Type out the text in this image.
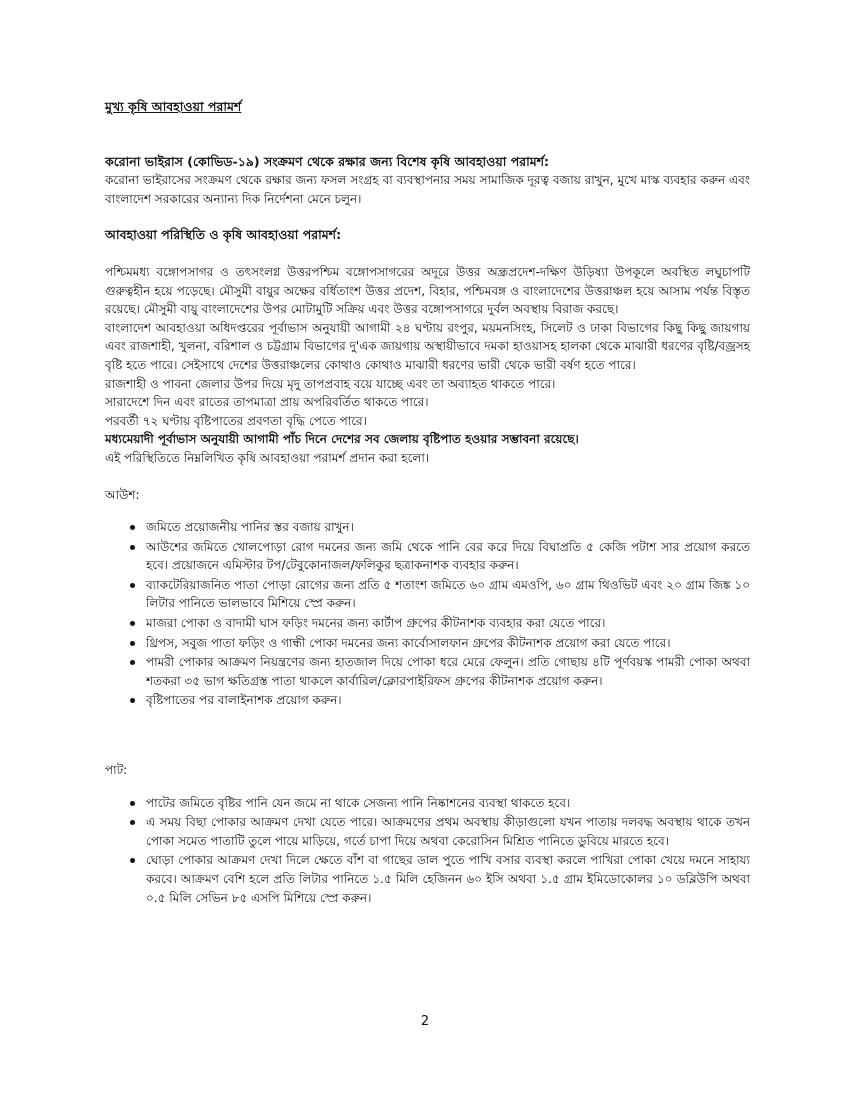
মুখ্য কৃষি আবহাওয়া পরামর্শ

করোনা ভাইরাস (কোভিড-১৯) সংক্রমণ থেকে রক্ষার জন্য বিশেষ কৃষি আবহাওয়া পরামর্শ:

করোনা ভাইরাসের সংক্রমণ থেকে রক্ষার জন্য ফসল সংগ্রহ বা ব্যবস্থাপনার সময় সামাজিক দূরত্ব বজায় রাখুন, মুখে মাস্ক ব্যবহার করুন এবং বাংলাদেশ সরকারের অন্যান্য দিক নির্দেশনা মেনে চলুন।

আবহাওয়া পরিস্থিতি ও কৃষি আবহাওয়া পরামর্শ:

পশ্চিমমধ্য বঙ্গোপসাগর ও তৎসংলগ্ন উত্তরপশ্চিম বঙ্গোপসাগরের অদূরে উত্তর অন্ধ্রপ্রদেশ-দক্ষিণ উড়িষ্যা উপকূলে অবস্থিত লঘুচাপটি গুরুত্বহীন হয়ে পড়েছে। মৌসুমী বায়ুর অক্ষের বর্ধিতাংশ উত্তর প্রদেশ, বিহার, পশ্চিমবঙ্গ ও বাংলাদেশের উত্তরাঞ্চল হয়ে আসাম পর্যন্ত বিস্তৃত রয়েছে। মৌসুমী বায়ু বাংলাদেশের উপর মোটামুটি সক্রিয় এবং উত্তর বঙ্গোপসাগরে দুর্বল অবস্থায় বিরাজ করছে।

বাংলাদেশ আবহাওয়া অধিদপ্তরের পূর্বাভাস অনুযায়ী আগামী ২৪ ঘণ্টায় রংপুর, ময়মনসিংহ, সিলেট ও ঢাকা বিভাগের কিছু কিছু জায়গায় এবং রাজশাহী, খুলনা, বরিশাল ও চট্টগ্রাম বিভাগের দু'এক জায়গায় অস্থায়ীভাবে দমকা হাওয়াসহ হালকা থেকে মাঝারী ধরণের বৃষ্টি/বজ্রসহ বৃষ্টি হতে পারে। সেইসাথে দেশের উত্তরাঞ্চলের কোথাও কোথাও মাঝারী ধরণের ভারী থেকে ভারী বর্ষণ হতে পারে।

রাজশাহী ও পাবনা জেলার উপর দিয়ে মৃদু তাপপ্রবাহ বয়ে যাচ্ছে এবং তা অব্যাহত থাকতে পারে।

সারাদেশে দিন এবং রাতের তাপমাত্রা প্রায় অপরিবর্তিত থাকতে পারে।

পরবর্তী ৭২ ঘণ্টায় বৃষ্টিপাতের প্রবণতা বৃদ্ধি পেতে পারে।

মধ্যমেয়াদী পূর্বাভাস অনুযায়ী আগামী পাঁচ দিনে দেশের সব জেলায় বৃষ্টিপাত হওয়ার সম্ভাবনা রয়েছে।

এই পরিস্থিতিতে নিম্নলিখিত কৃষি আবহাওয়া পরামর্শ প্রদান করা হলো।

আউশ:

জমিতে প্রয়োজনীয় পানির স্তর বজায় রাখুন।
আউশের জমিতে খোলপোড়া রোগ দমনের জন্য জমি থেকে পানি বের করে দিয়ে বিঘাপ্রতি ৫ কেজি পটাশ সার প্রয়োগ করতে হবে। প্রয়োজনে এমিস্টার টপ/টেবুকোনাজল/ফলিকুর ছত্রাকনাশক ব্যবহার করুন।
ব্যাকটেরিয়াজনিত পাতা পোড়া রোগের জন্য প্রতি ৫ শতাংশ জমিতে ৬০ গ্রাম এমওপি, ৬০ গ্রাম থিওভিট এবং ২০ গ্রাম জিঙ্ক ১০ লিটার পানিতে ভালভাবে মিশিয়ে স্প্রে করুন।
মাজরা পোকা ও বাদামী ঘাস ফড়িং দমনের জন্য কার্টাপ গ্রুপের কীটনাশক ব্যবহার করা যেতে পারে।
থ্রিপস, সবুজ পাতা ফড়িং ও গান্ধী পোকা দমনের জন্য কার্বোসালফান গ্রুপের কীটনাশক প্রয়োগ করা যেতে পারে।
পামরী পোকার আক্রমণ নিয়ন্ত্রণের জন্য হাতজাল দিয়ে পোকা ধরে মেরে ফেলুন। প্রতি গোছায় ৪টি পূর্ণবয়স্ক পামরী পোকা অথবা শতকরা ৩৫ ভাগ ক্ষতিগ্রস্ত পাতা থাকলে কার্বারিল/ক্লোরপাইরিফস গ্রুপের কীটনাশক প্রয়োগ করুন।
বৃষ্টিপাতের পর বালাইনাশক প্রয়োগ করুন।

পাট:

পাটের জমিতে বৃষ্টির পানি যেন জমে না থাকে সেজন্য পানি নিষ্কাশনের ব্যবস্থা থাকতে হবে।
এ সময় বিছা পোকার আক্রমণ দেখা যেতে পারে। আক্রমণের প্রথম অবস্থায় কীড়াগুলো যখন পাতায় দলবদ্ধ অবস্থায় থাকে তখন পোকা সমেত পাতাটি তুলে পায়ে মাড়িয়ে, গর্তে চাপা দিয়ে অথবা কেরোসিন মিশ্রিত পানিতে ডুবিয়ে মারতে হবে।
ঘোড়া পোকার আক্রমণ দেখা দিলে ক্ষেতে বাঁশ বা গাছের ডাল পুতে পাখি বসার ব্যবস্থা করলে পাখিরা পোকা খেয়ে দমনে সাহায্য করবে। আক্রমণ বেশি হলে প্রতি লিটার পানিতে ১.৫ মিলি হেজিনন ৬০ ইসি অথবা ১.৫ গ্রাম ইমিডোকোলর ১০ ডব্লিউপি অথবা ০.৫ মিলি সেভিন ৮৫ এসপি মিশিয়ে স্প্রে করুন।
2
